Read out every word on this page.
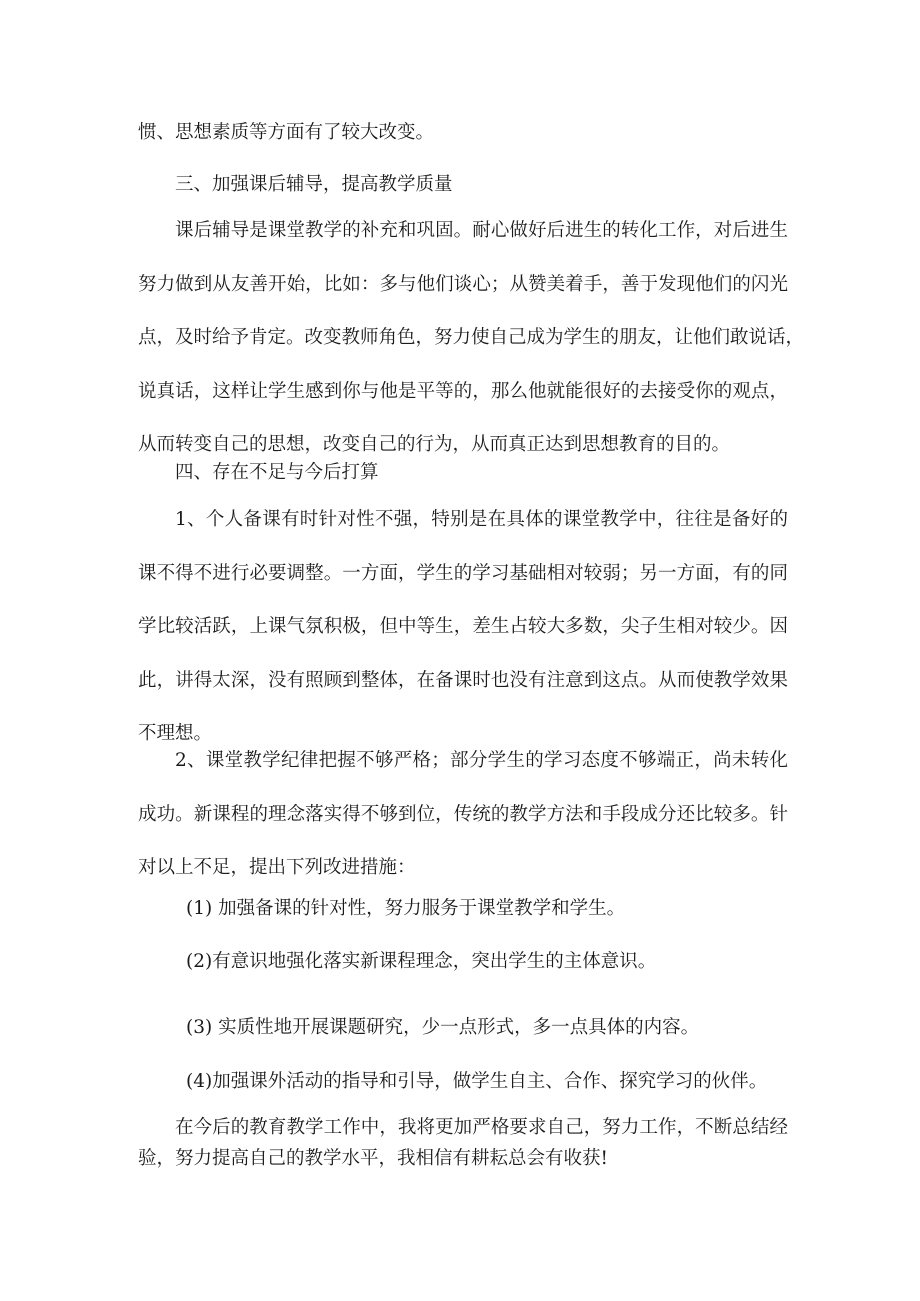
惯、思想素质等方面有了较大改变。
三、加强课后辅导，提高教学质量
课后辅导是课堂教学的补充和巩固。耐心做好后进生的转化工作，对后进生
努力做到从友善开始，比如：多与他们谈心；从赞美着手，善于发现他们的闪光
点，及时给予肯定。改变教师角色，努力使自己成为学生的朋友，让他们敢说话，
说真话，这样让学生感到你与他是平等的，那么他就能很好的去接受你的观点，
从而转变自己的思想，改变自己的行为，从而真正达到思想教育的目的。
四、存在不足与今后打算
1、个人备课有时针对性不强，特别是在具体的课堂教学中，往往是备好的
课不得不进行必要调整。一方面，学生的学习基础相对较弱；另一方面，有的同
学比较活跃，上课气氛积极，但中等生，差生占较大多数，尖子生相对较少。因
此，讲得太深，没有照顾到整体，在备课时也没有注意到这点。从而使教学效果
不理想。
2、课堂教学纪律把握不够严格；部分学生的学习态度不够端正，尚未转化
成功。新课程的理念落实得不够到位，传统的教学方法和手段成分还比较多。针
对以上不足，提出下列改进措施：
(1) 加强备课的针对性，努力服务于课堂教学和学生。
(2)有意识地强化落实新课程理念，突出学生的主体意识。
(3) 实质性地开展课题研究，少一点形式，多一点具体的内容。
(4)加强课外活动的指导和引导，做学生自主、合作、探究学习的伙伴。
在今后的教育教学工作中，我将更加严格要求自己，努力工作，不断总结经
验，努力提高自己的教学水平，我相信有耕耘总会有收获!
